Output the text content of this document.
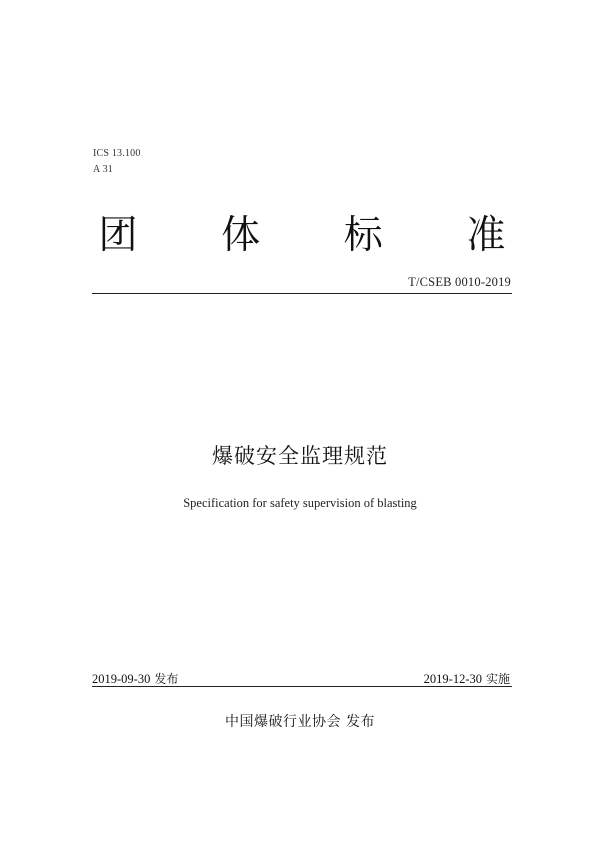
ICS 13.100
A 31
团 体 标 准
T/CSEB 0010-2019
爆破安全监理规范
Specification for safety supervision of blasting
2019-09-30 发布	2019-12-30 实施
中国爆破行业协会 发布
